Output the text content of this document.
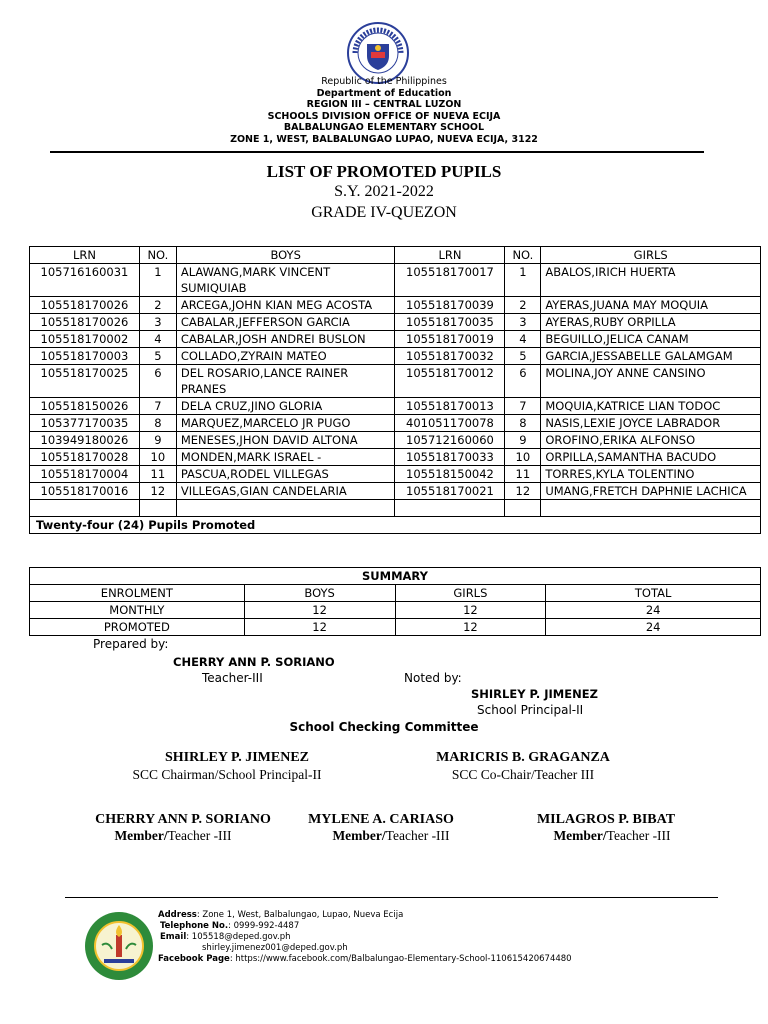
Republic of the Philippines
Department of Education
REGION III – CENTRAL LUZON
SCHOOLS DIVISION OFFICE OF NUEVA ECIJA
BALBALUNGAO ELEMENTARY SCHOOL
ZONE 1, WEST, BALBALUNGAO LUPAO, NUEVA ECIJA, 3122
LIST OF PROMOTED PUPILS
S.Y. 2021-2022
GRADE IV-QUEZON
LRN	NO.	BOYS	LRN	NO.	GIRLS
105716160031	1	ALAWANG,MARK VINCENT SUMIQUIAB	105518170017	1	ABALOS,IRICH HUERTA
105518170026	2	ARCEGA,JOHN KIAN MEG ACOSTA	105518170039	2	AYERAS,JUANA MAY MOQUIA
105518170026	3	CABALAR,JEFFERSON GARCIA	105518170035	3	AYERAS,RUBY ORPILLA
105518170002	4	CABALAR,JOSH ANDREI BUSLON	105518170019	4	BEGUILLO,JELICA CANAM
105518170003	5	COLLADO,ZYRAIN MATEO	105518170032	5	GARCIA,JESSABELLE GALAMGAM
105518170025	6	DEL ROSARIO,LANCE RAINER PRANES	105518170012	6	MOLINA,JOY ANNE CANSINO
105518150026	7	DELA CRUZ,JINO GLORIA	105518170013	7	MOQUIA,KATRICE LIAN TODOC
105377170035	8	MARQUEZ,MARCELO JR PUGO	401051170078	8	NASIS,LEXIE JOYCE LABRADOR
103949180026	9	MENESES,JHON DAVID ALTONA	105712160060	9	OROFINO,ERIKA ALFONSO
105518170028	10	MONDEN,MARK ISRAEL -	105518170033	10	ORPILLA,SAMANTHA BACUDO
105518170004	11	PASCUA,RODEL VILLEGAS	105518150042	11	TORRES,KYLA TOLENTINO
105518170016	12	VILLEGAS,GIAN CANDELARIA	105518170021	12	UMANG,FRETCH DAPHNIE LACHICA

Twenty-four (24) Pupils Promoted					
SUMMARY			
ENROLMENT	BOYS	GIRLS	TOTAL
MONTHLY	12	12	24
PROMOTED	12	12	24
Prepared by:
CHERRY ANN P. SORIANO
Teacher-III	Noted by:
SHIRLEY P. JIMENEZ
School Principal-II
School Checking Committee
SHIRLEY P. JIMENEZ
SCC Chairman/School Principal-II
MARICRIS B. GRAGANZA
SCC Co-Chair/Teacher III
CHERRY ANN P. SORIANO
Member/Teacher -III
MYLENE A. CARIASO
Member/Teacher -III
MILAGROS P. BIBAT
Member/Teacher -III
Address: Zone 1, West, Balbalungao, Lupao, Nueva Ecija
Telephone No.: 0999-992-4487
Email: 105518@deped.gov.ph
shirley.jimenez001@deped.gov.ph
Facebook Page: https://www.facebook.com/Balbalungao-Elementary-School-110615420674480
